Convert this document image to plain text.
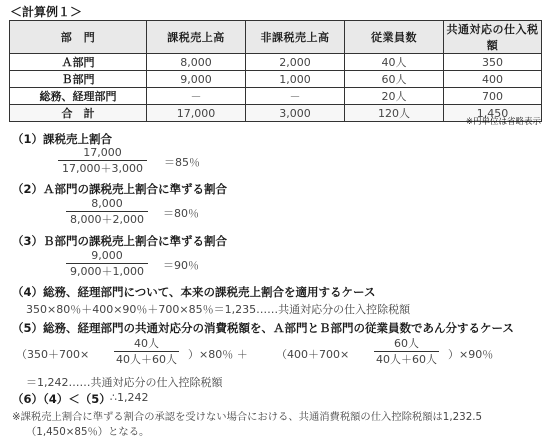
＜計算例１＞
部　門	課税売上高	非課税売上高	従業員数	共通対応の仕入税額
Ａ部門	8,000	2,000	40人	350
Ｂ部門	9,000	1,000	60人	400
総務、経理部門	－	－	20人	700
合　計	17,000	3,000	120人	1,450
※円単位は省略表示
（1）課税売上割合
$\frac{17,000}{17,000+3,000} =85$％
（2）Ａ部門の課税売上割合に準ずる割合
$\frac{8,000}{8,000+2,000} =80$％
（3）Ｂ部門の課税売上割合に準ずる割合
$\frac{9,000}{9,000+1,000} =90$％
（4）総務、経理部門について、本来の課税売上割合を適用するケース
350×80％＋400×90％＋700×85％＝1,235……共通対応分の仕入控除税額
（5）総務、経理部門の共通対応分の消費税額を、Ａ部門とＢ部門の従業員数であん分するケース
（350＋700×
40人
40人＋60人 ）×80％ ＋	（400＋700×
60人
40人＋60人 ）×90％
＝1,242……共通対応分の仕入控除税額
（6）（4）＜（5） ∴1,242
※課税売上割合に準ずる割合の承認を受けない場合における、共通消費税額の仕入控除税額は1,232.5
（1,450×85％）となる。
